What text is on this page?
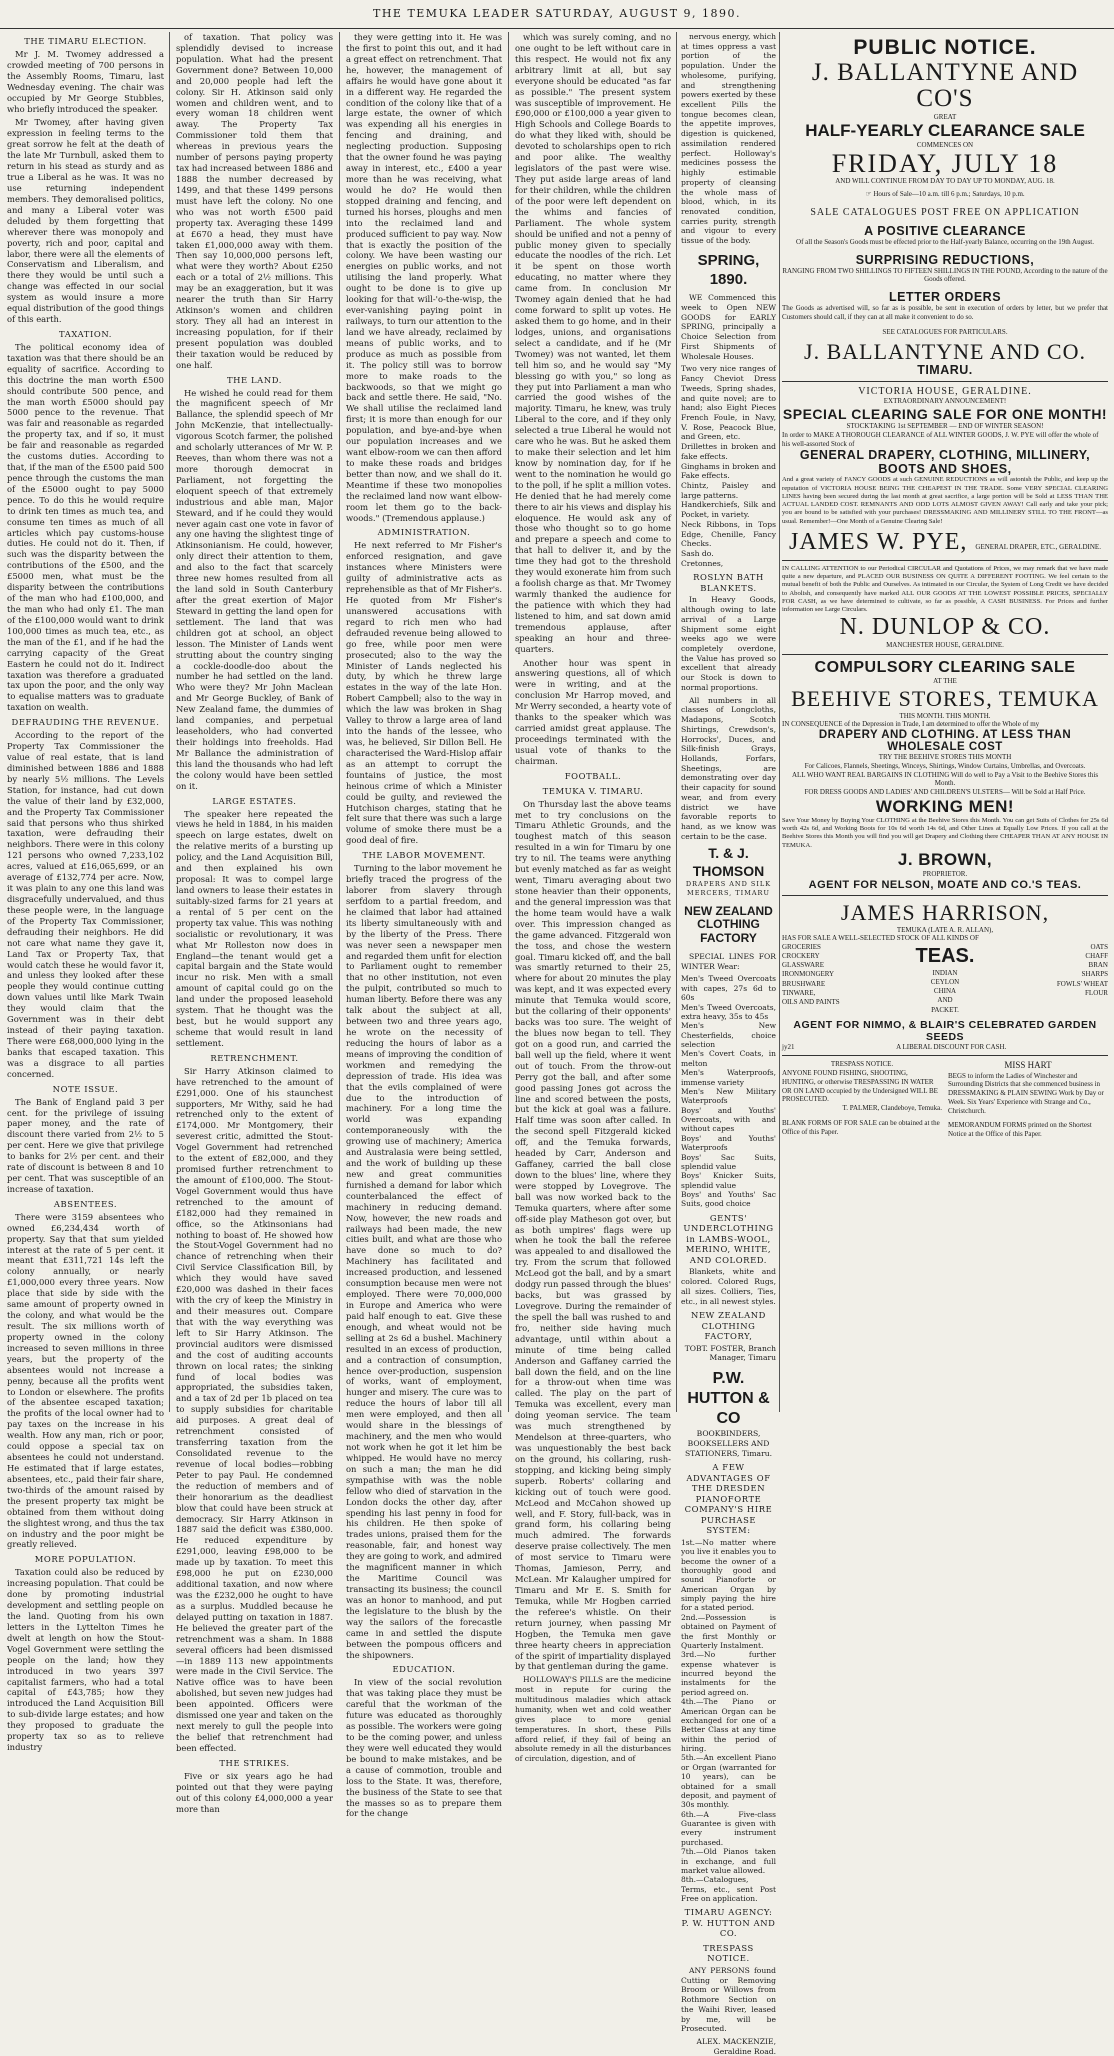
THE TEMUKA LEADER SATURDAY, AUGUST 9, 1890.
THE TIMARU ELECTION.

Mr J. M. Twomey addressed a crowded meeting of 700 persons in the Assembly Rooms, Timaru, last Wednesday evening. The chair was occupied by Mr George Stubbles, who briefly introduced the speaker.

Mr Twomey, after having given expression in feeling terms to the great sorrow he felt at the death of the late Mr Turnbull, asked them to return in his stead as sturdy and as true a Liberal as he was. It was no use returning independent members. They demoralised politics, and many a Liberal voter was deluded by them forgetting that wherever there was monopoly and poverty, rich and poor, capital and labor, there were all the elements of Conservatism and Liberalism, and there they would be until such a change was effected in our social system as would insure a more equal distribution of the good things of this earth.

TAXATION.

The political economy idea of taxation was that there should be an equality of sacrifice. According to this doctrine the man worth £500 should contribute 500 pence, and the man worth £5000 should pay 5000 pence to the revenue. That was fair and reasonable as regarded the property tax, and if so, it must be fair and reasonable as regarded the customs duties. According to that, if the man of the £500 paid 500 pence through the customs the man of the £5000 ought to pay 5000 pence. To do this he would require to drink ten times as much tea, and consume ten times as much of all articles which pay customs-house duties. He could not do it. Then, if such was the disparity between the contributions of the £500, and the £5000 men, what must be the disparity between the contributions of the man who had £100,000, and the man who had only £1. The man of the £100,000 would want to drink 100,000 times as much tea, etc., as the man of the £1, and if he had the carrying capacity of the Great Eastern he could not do it. Indirect taxation was therefore a graduated tax upon the poor, and the only way to equalise matters was to graduate taxation on wealth.

DEFRAUDING THE REVENUE.

According to the report of the Property Tax Commissioner the value of real estate, that is land diminished between 1886 and 1888 by nearly 5½ millions. The Levels Station, for instance, had cut down the value of their land by £32,000, and the Property Tax Commissioner said that persons who thus shirked taxation, were defrauding their neighbors. There were in this colony 121 persons who owned 7,233,102 acres, valued at £16,065,699, or an average of £132,774 per acre. Now, it was plain to any one this land was disgracefully undervalued, and thus these people were, in the language of the Property Tax Commissioner, defrauding their neighbors. He did not care what name they gave it, Land Tax or Property Tax, that would catch these he would favor it, and unless they looked after these people they would continue cutting down values until like Mark Twain they would claim that the Government was in their debt instead of their paying taxation. There were £68,000,000 lying in the banks that escaped taxation. This was a disgrace to all parties concerned.

NOTE ISSUE.

The Bank of England paid 3 per cent. for the privilege of issuing paper money, and the rate of discount there varied from 2½ to 5 per cent. Here we give that privilege to banks for 2½ per cent. and their rate of discount is between 8 and 10 per cent. That was susceptible of an increase of taxation.

ABSENTEES.

There were 3159 absentees who owned £6,234,434 worth of property. Say that that sum yielded interest at the rate of 5 per cent. it meant that £311,721 14s left the colony annually, or nearly £1,000,000 every three years. Now place that side by side with the same amount of property owned in the colony, and what would be the result. The six millions worth of property owned in the colony increased to seven millions in three years, but the property of the absentees would not increase a penny, because all the profits went to London or elsewhere. The profits of the absentee escaped taxation; the profits of the local owner had to pay taxes on the increase in his wealth. How any man, rich or poor, could oppose a special tax on absentees he could not understand. He estimated that if large estates, absentees, etc., paid their fair share, two-thirds of the amount raised by the present property tax might be obtained from them without doing the slightest wrong, and thus the tax on industry and the poor might be greatly relieved.

MORE POPULATION.

Taxation could also be reduced by increasing population. That could be done by promoting industrial development and settling people on the land. Quoting from his own letters in the Lyttelton Times he dwelt at length on how the Stout-Vogel Government were settling the people on the land; how they introduced in two years 397 capitalist farmers, who had a total capital of £43,785; how they introduced the Land Acquisition Bill to sub-divide large estates; and how they proposed to graduate the property tax so as to relieve industry

of taxation. That policy was splendidly devised to increase population. What had the present Government done? Between 10,000 and 20,000 people had left the colony. Sir H. Atkinson said only women and children went, and to every woman 18 children went away. The Property Tax Commissioner told them that whereas in previous years the number of persons paying property tax had increased between 1886 and 1888 the number decreased by 1499, and that these 1499 persons must have left the colony. No one who was not worth £500 paid property tax. Averaging these 1499 at £670 a head, they must have taken £1,000,000 away with them. Then say 10,000,000 persons left, what were they worth? About £250 each or a total of 2½ millions. This may be an exaggeration, but it was nearer the truth than Sir Harry Atkinson's women and children story. They all had an interest in increasing population, for if their present population was doubled their taxation would be reduced by one half.

THE LAND.

He wished he could read for them the magnificent speech of Mr Ballance, the splendid speech of Mr John McKenzie, that intellectually-vigorous Scotch farmer, the polished and scholarly utterances of Mr W. P. Reeves, than whom there was not a more thorough democrat in Parliament, not forgetting the eloquent speech of that extremely industrious and able man, Major Steward, and if he could they would never again cast one vote in favor of any one having the slightest tinge of Atkinsonianism. He could, however, only direct their attention to them, and also to the fact that scarcely three new homes resulted from all the land sold in South Canterbury after the great exertion of Major Steward in getting the land open for settlement. The land that was children got at school, an object lesson. The Minister of Lands went strutting about the country singing a cockle-doodle-doo about the number he had settled on the land. Who were they? Mr John Maclean and Mr George Buckley, of Bank of New Zealand fame, the dummies of land companies, and perpetual leaseholders, who had converted their holdings into freeholds. Had Mr Ballance the administration of this land the thousands who had left the colony would have been settled on it.

LARGE ESTATES.

The speaker here repeated the views he held in 1884, in his maiden speech on large estates, dwelt on the relative merits of a bursting up policy, and the Land Acquisition Bill, and then explained his own proposal: It was to compel large land owners to lease their estates in suitably-sized farms for 21 years at a rental of 5 per cent on the property tax value. This was nothing socialistic or revolutionary, it was what Mr Rolleston now does in England—the tenant would get a capital bargain and the State would incur no risk. Men with a small amount of capital could go on the land under the proposed leasehold system. That he thought was the best, but he would support any scheme that would result in land settlement.

RETRENCHMENT.

Sir Harry Atkinson claimed to have retrenched to the amount of £291,000. One of his staunchest supporters, Mr Withy, said he had retrenched only to the extent of £174,000. Mr Montgomery, their severest critic, admitted the Stout-Vogel Government had retrenched to the extent of £82,000, and they promised further retrenchment to the amount of £100,000. The Stout-Vogel Government would thus have retrenched to the amount of £182,000 had they remained in office, so the Atkinsonians had nothing to boast of. He showed how the Stout-Vogel Government had no chance of retrenching when their Civil Service Classification Bill, by which they would have saved £20,000 was dashed in their faces with the cry of keep the Ministry in and their measures out. Compare that with the way everything was left to Sir Harry Atkinson. The provincial auditors were dismissed and the cost of auditing accounts thrown on local rates; the sinking fund of local bodies was appropriated, the subsidies taken, and a tax of 2d per 1b placed on tea to supply subsidies for charitable aid purposes. A great deal of retrenchment consisted of transferring taxation from the Consolidated revenue to the revenue of local bodies—robbing Peter to pay Paul. He condemned the reduction of members and of their honorarium as the deadliest blow that could have been struck at democracy. Sir Harry Atkinson in 1887 said the deficit was £380,000. He reduced expenditure by £291,000, leaving £98,000 to be made up by taxation. To meet this £98,000 he put on £230,000 additional taxation, and now where was the £232,000 he ought to have as a surplus. Muddled because he delayed putting on taxation in 1887. He believed the greater part of the retrenchment was a sham. In 1888 several officers had been dismissed—in 1889 113 new appointments were made in the Civil Service. The Native office was to have been abolished, but seven new judges had been appointed. Officers were dismissed one year and taken on the next merely to gull the people into the belief that retrenchment had been effected.

THE STRIKES.

Five or six years ago he had pointed out that they were paying out of this colony £4,000,000 a year more than

they were getting into it. He was the first to point this out, and it had a great effect on retrenchment. That he, however, the management of affairs he would have gone about it in a different way. He regarded the condition of the colony like that of a large estate, the owner of which was expending all his energies in fencing and draining, and neglecting production. Supposing that the owner found he was paying away in interest, etc., £400 a year more than he was receiving, what would he do? He would then stopped draining and fencing, and turned his horses, ploughs and men into the reclaimed land and produced sufficient to pay way. Now that is exactly the position of the colony. We have been wasting our energies on public works, and not utilising the land properly. What ought to be done is to give up looking for that will-'o-the-wisp, the ever-vanishing paying point in railways, to turn our attention to the land we have already, reclaimed by means of public works, and to produce as much as possible from it. The policy still was to borrow more to make roads to the backwoods, so that we might go back and settle there. He said, "No. We shall utilise the reclaimed land first; it is more than enough for our population, and bye-and-bye when our population increases and we want elbow-room we can then afford to make these roads and bridges better than now, and we shall do it. Meantime if these two monopolies the reclaimed land now want elbow-room let them go to the back-woods." (Tremendous applause.)

ADMINISTRATION.

He next referred to Mr Fisher's enforced resignation, and gave instances where Ministers were guilty of administrative acts as reprehensible as that of Mr Fisher's. He quoted from Mr Fisher's unanswered accusations with regard to rich men who had defrauded revenue being allowed to go free, while poor men were prosecuted; also to the way the Minister of Lands neglected his duty, by which he threw large estates in the way of the late Hon. Robert Campbell; also to the way in which the law was broken in Shag Valley to throw a large area of land into the hands of the lessee, who was, he believed, Sir Dillon Bell. He characterised the Ward-Hislop affair as an attempt to corrupt the fountains of justice, the most heinous crime of which a Minister could be guilty, and reviewed the Hutchison charges, stating that he felt sure that there was such a large volume of smoke there must be a good deal of fire.

THE LABOR MOVEMENT.

Turning to the labor movement he briefly traced the progress of the laborer from slavery through serfdom to a partial freedom, and he claimed that labor had attained its liberty simultaneously with and by the liberty of the Press. There was never seen a newspaper men and regarded them unfit for election to Parliament ought to remember that no other institution, not even the pulpit, contributed so much to human liberty. Before there was any talk about the subject at all, between two and three years ago, he wrote on the necessity of reducing the hours of labor as a means of improving the condition of workmen and remedying the depression of trade. His idea was that the evils complained of were due to the introduction of machinery. For a long time the world was expanding contemporaneously with the growing use of machinery; America and Australasia were being settled, and the work of building up these new and great communities furnished a demand for labor which counterbalanced the effect of machinery in reducing demand. Now, however, the new roads and railways had been made, the new cities built, and what are those who have done so much to do? Machinery has facilitated and increased production, and lessened consumption because men were not employed. There were 70,000,000 in Europe and America who were paid half enough to eat. Give these enough, and wheat would not be selling at 2s 6d a bushel. Machinery resulted in an excess of production, and a contraction of consumption, hence over-production, suspension of works, want of employment, hunger and misery. The cure was to reduce the hours of labor till all men were employed, and then all would share in the blessings of machinery, and the men who would not work when he got it let him be whipped. He would have no mercy on such a man; the man he did sympathise with was the noble fellow who died of starvation in the London docks the other day, after spending his last penny in food for his children. He then spoke of trades unions, praised them for the reasonable, fair, and honest way they are going to work, and admired the magnificent manner in which the Maritime Council was transacting its business; the council was an honor to manhood, and put the legislature to the blush by the way the sailors of the forecastle came in and settled the dispute between the pompous officers and the shipowners.

EDUCATION.

In view of the social revolution that was taking place they must be careful that the workman of the future was educated as thoroughly as possible. The workers were going to be the coming power, and unless they were well educated they would be bound to make mistakes, and be a cause of commotion, trouble and loss to the State. It was, therefore, the business of the State to see that the masses so as to prepare them for the change

which was surely coming, and no one ought to be left without care in this respect. He would not fix any arbitrary limit at all, but say everyone should be educated "as far as possible." The present system was susceptible of improvement. He £90,000 or £100,000 a year given to High Schools and College Boards to do what they liked with, should be devoted to scholarships open to rich and poor alike. The wealthy legislators of the past were wise. They put aside large areas of land for their children, while the children of the poor were left dependent on the whims and fancies of Parliament. The whole system should be unified and not a penny of public money given to specially educate the noodles of the rich. Let it be spent on those worth educating, no matter where they came from. In conclusion Mr Twomey again denied that he had come forward to split up votes. He asked them to go home, and in their lodges, unions, and organisations select a candidate, and if he (Mr Twomey) was not wanted, let them tell him so, and he would say "My blessing go with you," so long as they put into Parliament a man who carried the good wishes of the majority. Timaru, he knew, was truly Liberal to the core, and if they only selected a true Liberal he would not care who he was. But he asked them to make their selection and let him know by nomination day, for if he went to the nomination he would go to the poll, if he split a million votes. He denied that he had merely come there to air his views and display his eloquence. He would ask any of those who thought so to go home and prepare a speech and come to that hall to deliver it, and by the time they had got to the threshold they would exonerate him from such a foolish charge as that. Mr Twomey warmly thanked the audience for the patience with which they had listened to him, and sat down amid tremendous applause, after speaking an hour and three-quarters.

Another hour was spent in answering questions, all of which were in writing, and at the conclusion Mr Harrop moved, and Mr Werry seconded, a hearty vote of thanks to the speaker which was carried amidst great applause. The proceedings terminated with the usual vote of thanks to the chairman.

FOOTBALL.
TEMUKA V. TIMARU.

On Thursday last the above teams met to try conclusions on the Timaru Athletic Grounds, and the toughest match of this season resulted in a win for Timaru by one try to nil. The teams were anything but evenly matched as far as weight went, Timaru averaging about two stone heavier than their opponents, and the general impression was that the home team would have a walk over. This impression changed as the game advanced. Fitzgerald won the toss, and chose the western goal. Timaru kicked off, and the ball was smartly returned to their 25, where for about 20 minutes the play was kept, and it was expected every minute that Temuka would score, but the collaring of their opponents' backs was too sure. The weight of the blues now began to tell. They got on a good run, and carried the ball well up the field, where it went out of touch. From the throw-out Perry got the ball, and after some good passing Jones got across the line and scored between the posts, but the kick at goal was a failure. Half time was soon after called. In the second spell Fitzgerald kicked off, and the Temuka forwards, headed by Carr, Anderson and Gaffaney, carried the ball close down to the blues' line, where they were stopped by Lovegrove. The ball was now worked back to the Temuka quarters, where after some off-side play Matheson got over, but as both umpires' flags were up when he took the ball the referee was appealed to and disallowed the try. From the scrum that followed McLeod got the ball, and by a smart dodgy run passed through the blues' backs, but was grassed by Lovegrove. During the remainder of the spell the ball was rushed to and fro, neither side having much advantage, until within about a minute of time being called Anderson and Gaffaney carried the ball down the field, and on the line for a throw-out when time was called. The play on the part of Temuka was excellent, every man doing yeoman service. The team was much strengthened by Mendelson at three-quarters, who was unquestionably the best back on the ground, his collaring, rush-stopping, and kicking being simply superb. Roberts' collaring and kicking out of touch were good. McLeod and McCahon showed up well, and F. Story, full-back, was in grand form, his collaring being much admired. The forwards deserve praise collectively. The men of most service to Timaru were Thomas, Jamieson, Perry, and McLean. Mr Kalaugher umpired for Timaru and Mr E. S. Smith for Temuka, while Mr Hogben carried the referee's whistle. On their return journey, when passing Mr Hogben, the Temuka men gave three hearty cheers in appreciation of the spirit of impartiality displayed by that gentleman during the game.

HOLLOWAY'S PILLS are the medicine most in repute for curing the multitudinous maladies which attack humanity, when wet and cold weather gives place to more genial temperatures. In short, these Pills afford relief, if they fail of being an absolute remedy in all the disturbances of circulation, digestion, and of

nervous energy, which at times oppress a vast portion of the population. Under the wholesome, purifying, and strengthening powers exerted by these excellent Pills the tongue becomes clean, the appetite improves, digestion is quickened, assimilation rendered perfect. Holloway's medicines possess the highly estimable property of cleansing the whole mass of blood, which, in its renovated condition, carries purity, strength and vigour to every tissue of the body.

SPRING, 1890.

WE Commenced this week to Open NEW GOODS for EARLY SPRING, principally a Choice Selection from First Shipments of Wholesale Houses.

Two very nice ranges of Fancy Cheviot Dress Tweeds, Spring shades, and quite novel; are to hand; also Eight Pieces French Foule, in Navy, V. Rose, Peacock Blue, and Green, etc.
Drillettes in broken and fake effects.
Ginghams in broken and Fake effects.
Chintz, Paisley and large patterns.
Handkerchiefs, Silk and Pocket, in variety.
Neck Ribbons, in Tops Edge, Chenille, Fancy Checks.
Sash do.
Cretonnes,
ROSLYN BATH BLANKETS.

In Heavy Goods, although owing to late arrival of a Large Shipment some eight weeks ago we were completely overdone, the Value has proved so excellent that already our Stock is down to normal proportions.

All numbers in all classes of Longcloths, Madapons, Scotch Shirtings, Crewdson's, Horrocks', Duces, and Silk-finish Grays, Hollands, Forfars, Sheetings, are demonstrating over day their capacity for sound wear, and from every district we have favorable reports to hand, as we know was certain to be the case.

T. & J. THOMSON
DRAPERS AND SILK MERCERS, TIMARU
NEW ZEALAND CLOTHING FACTORY

SPECIAL LINES FOR WINTER Wear:

Men's Tweed Overcoats with capes, 27s 6d to 60s
Men's Tweed Overcoats, extra heavy, 35s to 45s
Men's New Chesterfields, choice selection
Men's Covert Coats, in melton
Men's Waterproofs, immense variety
Men's New Military Waterproofs
Boys' and Youths' Overcoats, with and without capes
Boys' and Youths' Waterproofs
Boys' Sac Suits, splendid value
Boys' Knicker Suits, splendid value
Boys' and Youths' Sac Suits, good choice
GENTS' UNDERCLOTHING in LAMBS-WOOL, MERINO, WHITE, AND COLORED.

Blankets, white and colored. Colored Rugs, all sizes. Colliers, Ties, etc., in all newest styles.

NEW ZEALAND CLOTHING FACTORY,
TOBT. FOSTER, Branch Manager, Timaru
P.W. HUTTON & CO
BOOKBINDERS, BOOKSELLERS AND STATIONERS, Timaru.
A FEW ADVANTAGES OF THE DRESDEN PIANOFORTE COMPANY'S HIRE PURCHASE SYSTEM:
1st.—No matter where you live it enables you to become the owner of a thoroughly good and sound Pianoforte or American Organ by simply paying the hire for a stated period.
2nd.—Possession is obtained on Payment of the first Monthly or Quarterly Instalment.
3rd.—No further expense whatever is incurred beyond the instalments for the period agreed on.
4th.—The Piano or American Organ can be exchanged for one of a Better Class at any time within the period of hiring.
5th.—An excellent Piano or Organ (warranted for 10 years), can be obtained for a small deposit, and payment of 30s monthly.
6th.—A Five-class Guarantee is given with every instrument purchased.
7th.—Old Pianos taken in exchange, and full market value allowed.
8th.—Catalogues, Terms, etc., sent Post Free on application.
TIMARU AGENCY: P. W. HUTTON AND CO.
TRESPASS NOTICE.

ANY PERSONS found Cutting or Removing Broom or Willows from Rothmore Section on the Waihi River, leased by me, will be Prosecuted.

ALEX. MACKENZIE, Geraldine Road.
PUBLIC NOTICE.
J. BALLANTYNE AND CO'S
GREAT
HALF-YEARLY CLEARANCE SALE
COMMENCES ON
FRIDAY, JULY 18
AND WILL CONTINUE FROM DAY TO DAY UP TO MONDAY, AUG. 18.
☞ Hours of Sale—10 a.m. till 6 p.m.; Saturdays, 10 p.m.
SALE CATALOGUES POST FREE ON APPLICATION
A POSITIVE CLEARANCE
Of all the Season's Goods must be effected prior to the Half-yearly Balance, occurring on the 19th August.
SURPRISING REDUCTIONS,
RANGING FROM TWO SHILLINGS TO FIFTEEN SHILLINGS IN THE POUND, According to the nature of the Goods offered.
LETTER ORDERS
The Goods as advertised will, so far as is possible, be sent in execution of orders by letter, but we prefer that Customers should call, if they can at all make it convenient to do so.
SEE CATALOGUES FOR PARTICULARS.
J. BALLANTYNE AND CO.
TIMARU.
VICTORIA HOUSE, GERALDINE.
EXTRAORDINARY ANNOUNCEMENT!
SPECIAL CLEARING SALE FOR ONE MONTH!
STOCKTAKING 1st SEPTEMBER — END OF WINTER SEASON!
In order to MAKE A THOROUGH CLEARANCE of ALL WINTER GOODS, J. W. PYE will offer the whole of his well-assorted Stock of
GENERAL DRAPERY, CLOTHING, MILLINERY, BOOTS AND SHOES,
And a great variety of FANCY GOODS at such GENUINE REDUCTIONS as will astonish the Public, and keep up the reputation of VICTORIA HOUSE BEING THE CHEAPEST IN THE TRADE. Some VERY SPECIAL CLEARING LINES having been secured during the last month at great sacrifice, a large portion will be Sold at LESS THAN THE ACTUAL LANDED COST. REMNANTS AND ODD LOTS ALMOST GIVEN AWAY! Call early and take your pick; you are bound to be satisfied with your purchases! DRESSMAKING AND MILLINERY STILL TO THE FRONT—as usual. Remember!—One Month of a Genuine Clearing Sale!
JAMES W. PYE, GENERAL DRAPER, ETC., GERALDINE.
IN CALLING ATTENTION to our Periodical CIRCULAR and Quotations of Prices, we may remark that we have made quite a new departure, and PLACED OUR BUSINESS ON QUITE A DIFFERENT FOOTING. We feel certain to the mutual benefit of both the Public and Ourselves. As intimated in our Circular, the System of Long Credit we have decided to Abolish, and consequently have marked ALL OUR GOODS AT THE LOWEST POSSIBLE PRICES, SPECIALLY FOR CASH, as we have determined to cultivate, so far as possible, A CASH BUSINESS. For Prices and further information see Large Circulars.
N. DUNLOP & CO.
MANCHESTER HOUSE, GERALDINE.
COMPULSORY CLEARING SALE
AT THE
BEEHIVE STORES, TEMUKA
THIS MONTH. THIS MONTH.
IN CONSEQUENCE of the Depression in Trade, I am determined to offer the Whole of my
DRAPERY AND CLOTHING. AT LESS THAN WHOLESALE COST
TRY THE BEEHIVE STORES THIS MONTH
For Calicoes, Flannels, Sheetings, Winceys, Shirtings, Window Curtains, Umbrellas, and Overcoats.
ALL WHO WANT REAL BARGAINS IN CLOTHING Will do well to Pay a Visit to the Beehive Stores this Month.
FOR DRESS GOODS AND LADIES' AND CHILDREN'S ULSTERS— Will be Sold at Half Price.
WORKING MEN!
Save Your Money by Buying Your CLOTHING at the Beehive Stores this Month. You can get Suits of Clothes for 25s 6d worth 42s 6d, and Working Boots for 10s 6d worth 14s 6d, and Other Lines at Equally Low Prices. If you call at the Beehive Stores this Month you will find you will get Drapery and Clothing there CHEAPER THAN AT ANY HOUSE IN TEMUKA.
J. BROWN,
PROPRIETOR.
AGENT FOR NELSON, MOATE AND CO.'S TEAS.
JAMES HARRISON,
TEMUKA (LATE A. R. ALLAN),
HAS FOR SALE A WELL-SELECTED STOCK OF ALL KINDS OF
GROCERIES
CROCKERY
GLASSWARE
IRONMONGERY
BRUSHWARE
TINWARE,
OILS AND PAINTS
TEAS.
INDIAN
CEYLON
CHINA
AND
PACKET.
OATS
CHAFF
BRAN
SHARPS
FOWLS' WHEAT
FLOUR
AGENT FOR NIMMO, & BLAIR'S CELEBRATED GARDEN SEEDS
jy21	A LIBERAL DISCOUNT FOR CASH.
TRESPASS NOTICE.
ANYONE FOUND FISHING, SHOOTING, HUNTING, or otherwise TRESPASSING IN WATER OR ON LAND occupied by the Undersigned WILL BE PROSECUTED.
T. PALMER, Clandeboye, Temuka.
BLANK FORMS OF FOR SALE can be obtained at the Office of this Paper.
MISS HART
BEGS to inform the Ladies of Winchester and Surrounding Districts that she commenced business in DRESSMAKING & PLAIN SEWING Work by Day or Week. Six Years' Experience with Strange and Co., Christchurch.
MEMORANDUM FORMS printed on the Shortest Notice at the Office of this Paper.
